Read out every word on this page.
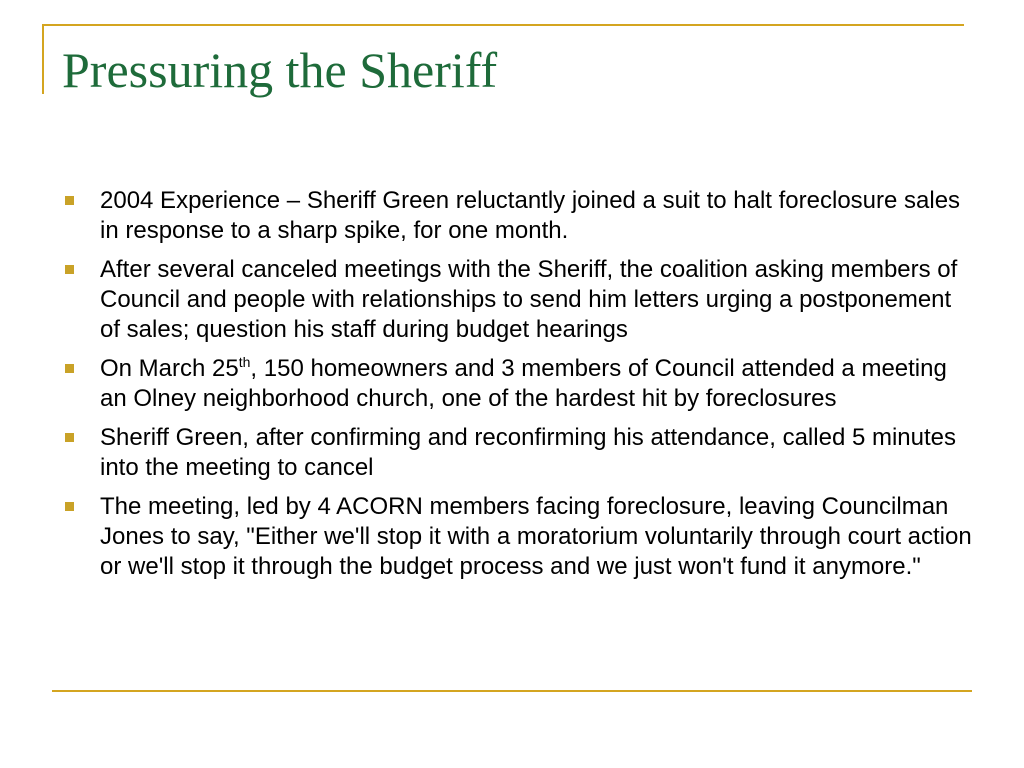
Pressuring the Sheriff
2004 Experience – Sheriff Green reluctantly joined a suit to halt foreclosure sales in response to a sharp spike, for one month.
After several canceled meetings with the Sheriff, the coalition asking members of Council and people with relationships to send him letters urging a postponement of sales; question his staff during budget hearings
On March 25th, 150 homeowners and 3 members of Council attended a meeting an Olney neighborhood church, one of the hardest hit by foreclosures
Sheriff Green, after confirming and reconfirming his attendance, called 5 minutes into the meeting to cancel
The meeting, led by 4 ACORN members facing foreclosure, leaving Councilman Jones to say, "Either we'll stop it with a moratorium voluntarily through court action or we'll stop it through the budget process and we just won't fund it anymore."
